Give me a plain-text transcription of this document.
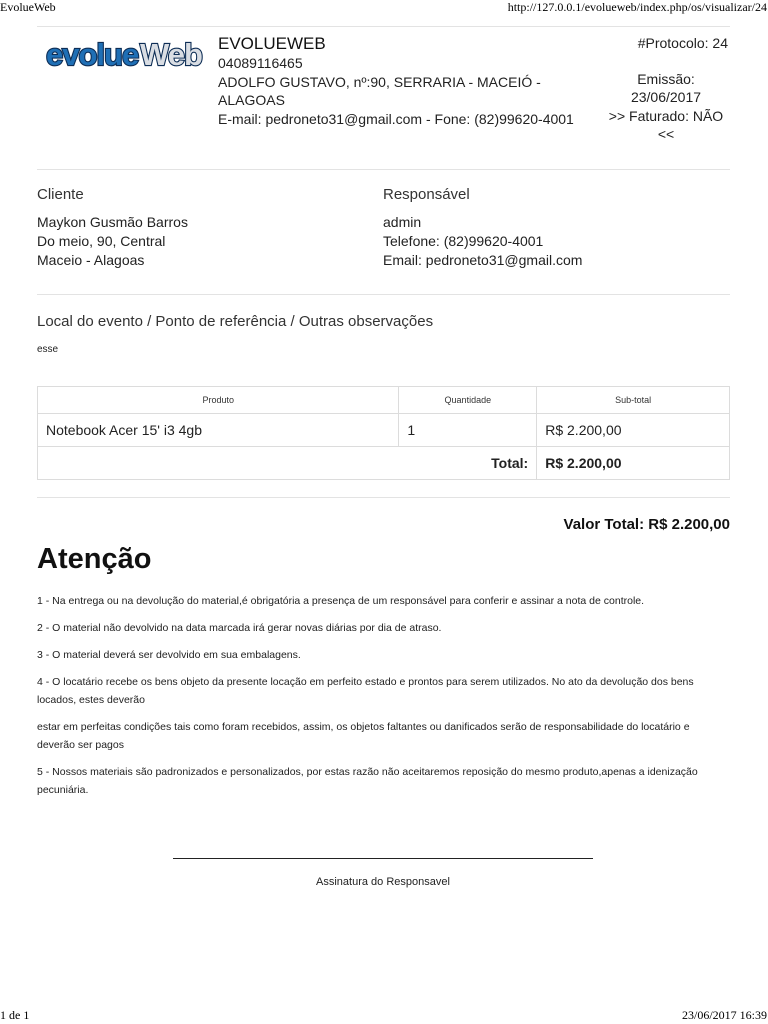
EvolueWeb	http://127.0.0.1/evolueweb/index.php/os/visualizar/24
1 de 1	23/06/2017 16:39
evolue Web EVOLUEWEB
04089116465
ADOLFO GUSTAVO, nº:90, SERRARIA - MACEIÓ - ALAGOAS
E-mail: pedroneto31@gmail.com - Fone: (82)99620-4001
#Protocolo: 24
Emissão:
23/06/2017
>> Faturado: NÃO <<
Cliente
Maykon Gusmão Barros
Do meio, 90, Central
Maceio - Alagoas
Responsável
admin
Telefone: (82)99620-4001
Email: pedroneto31@gmail.com
Local do evento / Ponto de referência / Outras observações
esse
Produto	Quantidade	Sub-total
Notebook Acer 15' i3 4gb	1	R$ 2.200,00
Total:		R$ 2.200,00
Valor Total: R$ 2.200,00
Atenção

1 - Na entrega ou na devolução do material,é obrigatória a presença de um responsável para conferir e assinar a nota de controle.

2 - O material não devolvido na data marcada irá gerar novas diárias por dia de atraso.

3 - O material deverá ser devolvido em sua embalagens.

4 - O locatário recebe os bens objeto da presente locação em perfeito estado e prontos para serem utilizados. No ato da devolução dos bens locados, estes deverão

estar em perfeitas condições tais como foram recebidos, assim, os objetos faltantes ou danificados serão de responsabilidade do locatário e deverão ser pagos

5 - Nossos materiais são padronizados e personalizados, por estas razão não aceitaremos reposição do mesmo produto,apenas a idenização pecuniária.

Assinatura do Responsavel
